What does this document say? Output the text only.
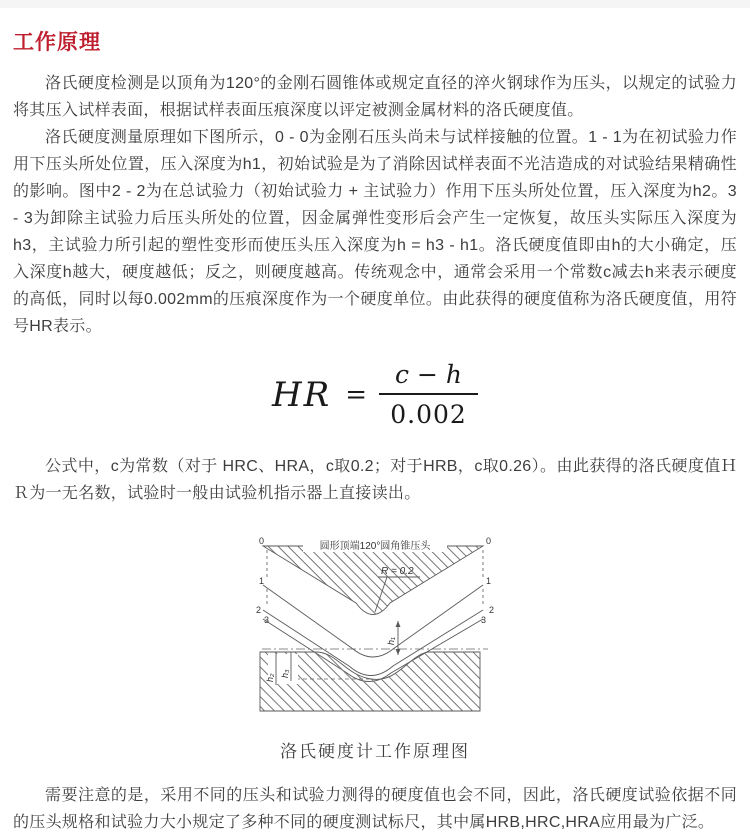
工作原理

洛氏硬度检测是以顶角为120°的金刚石圆锥体或规定直径的淬火钢球作为压头，以规定的试验力将其压入试样表面，根据试样表面压痕深度以评定被测金属材料的洛氏硬度值。

洛氏硬度测量原理如下图所示，0 - 0为金刚石压头尚未与试样接触的位置。1 - 1为在初试验力作用下压头所处位置，压入深度为h1，初始试验是为了消除因试样表面不光洁造成的对试验结果精确性的影响。图中2 - 2为在总试验力（初始试验力 + 主试验力）作用下压头所处位置，压入深度为h2。3 - 3为卸除主试验力后压头所处的位置，因金属弹性变形后会产生一定恢复，故压头实际压入深度为h3，主试验力所引起的塑性变形而使压头压入深度为h = h3 - h1。洛氏硬度值即由h的大小确定，压入深度h越大，硬度越低；反之，则硬度越高。传统观念中，通常会采用一个常数c减去h来表示硬度的高低，同时以每0.002mm的压痕深度作为一个硬度单位。由此获得的硬度值称为洛氏硬度值，用符号HR表示。

HR = $\frac{c - h}{0.002}$

公式中，c为常数（对于 HRC、HRA，c取0.2；对于HRB，c取0.26）。由此获得的洛氏硬度值Ｈ Ｒ为一无名数，试验时一般由试验机指示器上直接读出。

圆形顶端120°圆角锥压头
R = 0.2
h₁
h₂ h₃
0
1
2
3
0
1
2
3
洛氏硬度计工作原理图

需要注意的是，采用不同的压头和试验力测得的硬度值也会不同，因此，洛氏硬度试验依据不同的压头规格和试验力大小规定了多种不同的硬度测试标尺，其中属HRB,HRC,HRA应用最为广泛。
